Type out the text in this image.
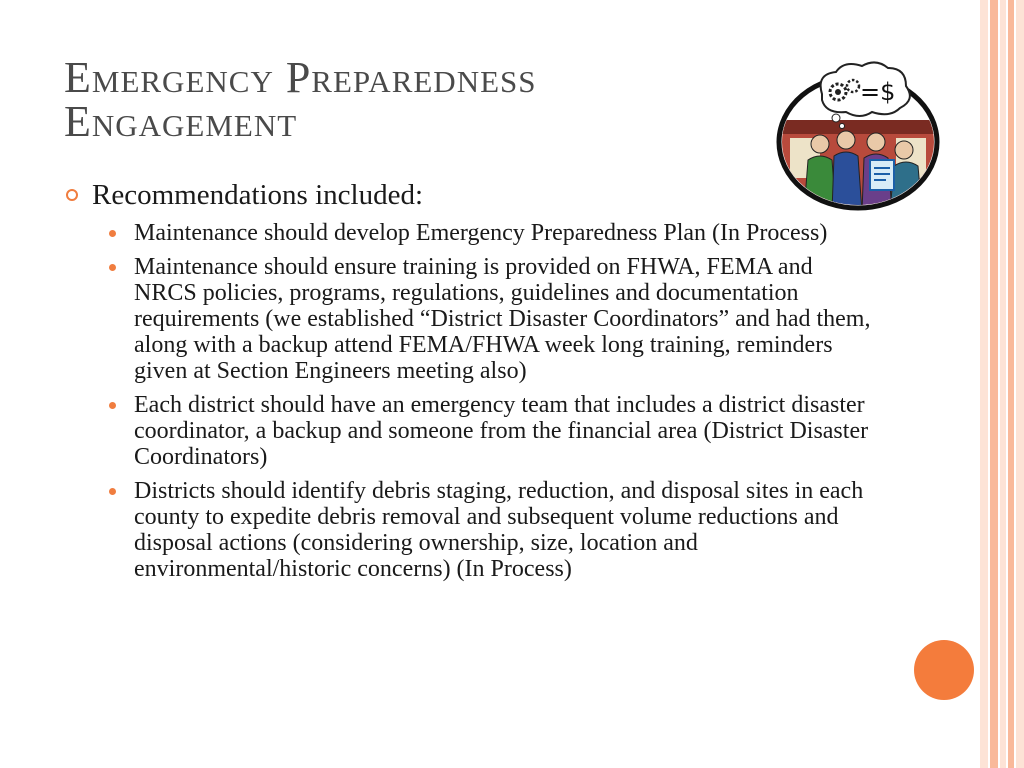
Emergency Preparedness
Engagement
Recommendations included:
Maintenance should develop Emergency Preparedness Plan (In Process)
Maintenance should ensure training is provided on FHWA, FEMA and NRCS policies, programs, regulations, guidelines and documentation requirements (we established “District Disaster Coordinators” and had them, along with a backup attend FEMA/FHWA week long training, reminders given at Section Engineers meeting also)
Each district should have an emergency team that includes a district disaster coordinator, a backup and someone from the financial area (District Disaster Coordinators)
Districts should identify debris staging, reduction, and disposal sites in each county to expedite debris removal and subsequent volume reductions and disposal actions (considering ownership, size, location and environmental/historic concerns) (In Process)
=$
